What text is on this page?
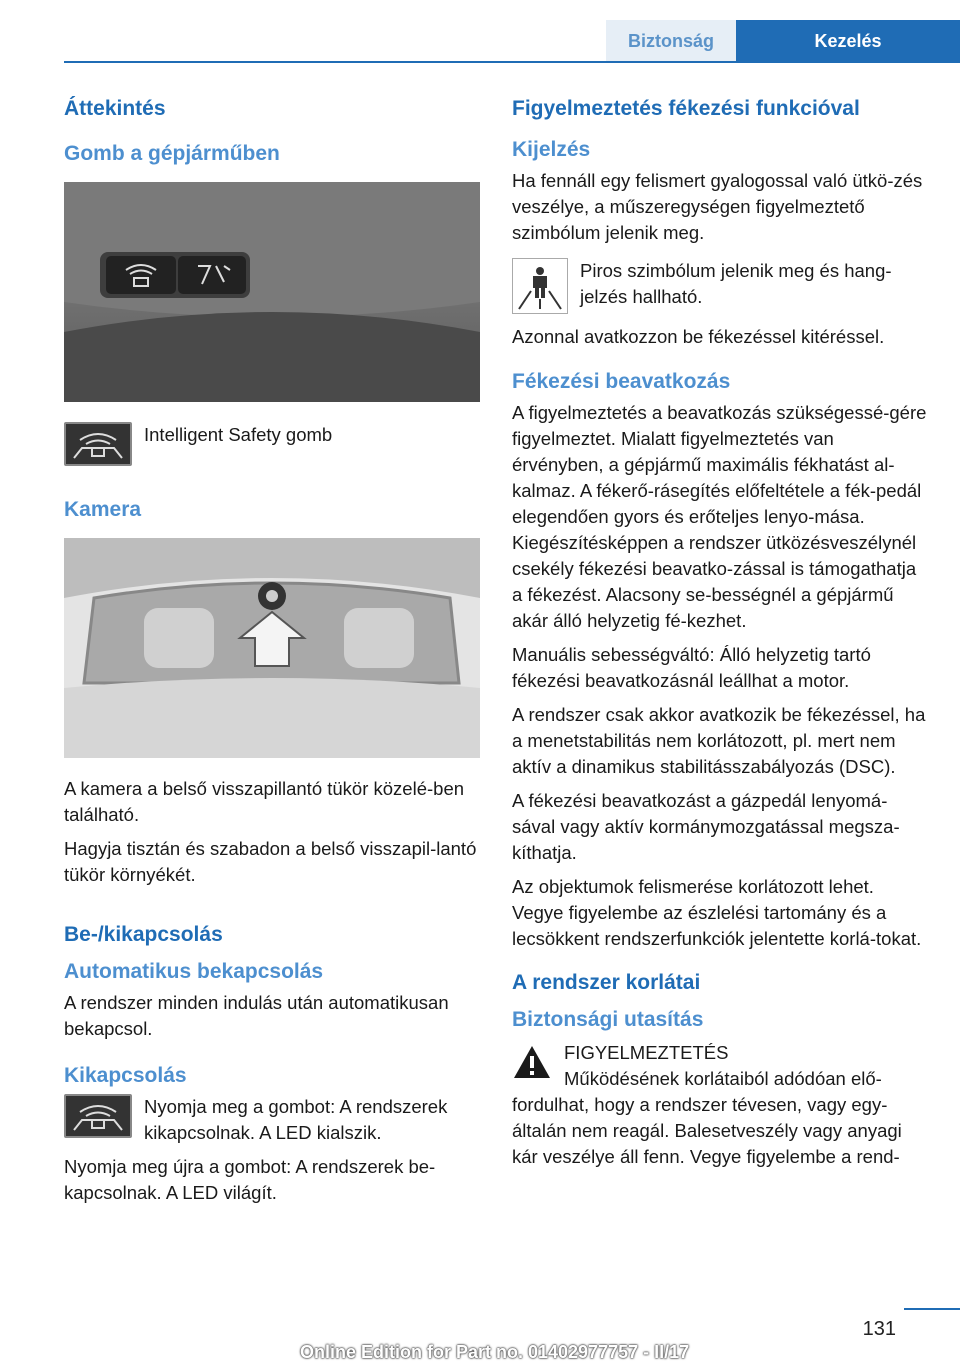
Biztonság	Kezelés
Áttekintés
Gomb a gépjárműben

Intelligent Safety gomb

Kamera

A kamera a belső visszapillantó tükör közelé-ben található.

Hagyja tisztán és szabadon a belső visszapil-lantó tükör környékét.

Be-/kikapcsolás
Automatikus bekapcsolás

A rendszer minden indulás után automatikusan bekapcsol.

Kikapcsolás

Nyomja meg a gombot: A rendszerek kikapcsolnak. A LED kialszik.

Nyomja meg újra a gombot: A rendszerek be-kapcsolnak. A LED világít.

Figyelmeztetés fékezési funkcióval
Kijelzés

Ha fennáll egy felismert gyalogossal való ütkö-zés veszélye, a műszeregységen figyelmeztető szimbólum jelenik meg.

Piros szimbólum jelenik meg és hang-jelzés hallható.

Azonnal avatkozzon be fékezéssel kitéréssel.

Fékezési beavatkozás

A figyelmeztetés a beavatkozás szükségessé-gére figyelmeztet. Mialatt figyelmeztetés van érvényben, a gépjármű maximális fékhatást al-kalmaz. A fékerő-rásegítés előfeltétele a fék-pedál elegendően gyors és erőteljes lenyo-mása. Kiegészítésképpen a rendszer ütközésveszélynél csekély fékezési beavatko-zással is támogathatja a fékezést. Alacsony se-bességnél a gépjármű akár álló helyzetig fé-kezhet.

Manuális sebességváltó: Álló helyzetig tartó fékezési beavatkozásnál leállhat a motor.

A rendszer csak akkor avatkozik be fékezéssel, ha a menetstabilitás nem korlátozott, pl. mert nem aktív a dinamikus stabilitásszabályozás (DSC).

A fékezési beavatkozást a gázpedál lenyomá-sával vagy aktív kormánymozgatással megsza-kíthatja.

Az objektumok felismerése korlátozott lehet. Vegye figyelembe az észlelési tartomány és a lecsökkent rendszerfunkciók jelentette korlá-tokat.

A rendszer korlátai
Biztonsági utasítás

FIGYELMEZTETÉS

Működésének korlátaiból adódóan elő-

fordulhat, hogy a rendszer tévesen, vagy egy-általán nem reagál. Balesetveszély vagy anyagi kár veszélye áll fenn. Vegye figyelembe a rend-

131
Online Edition for Part no. 01402977757 - II/17
